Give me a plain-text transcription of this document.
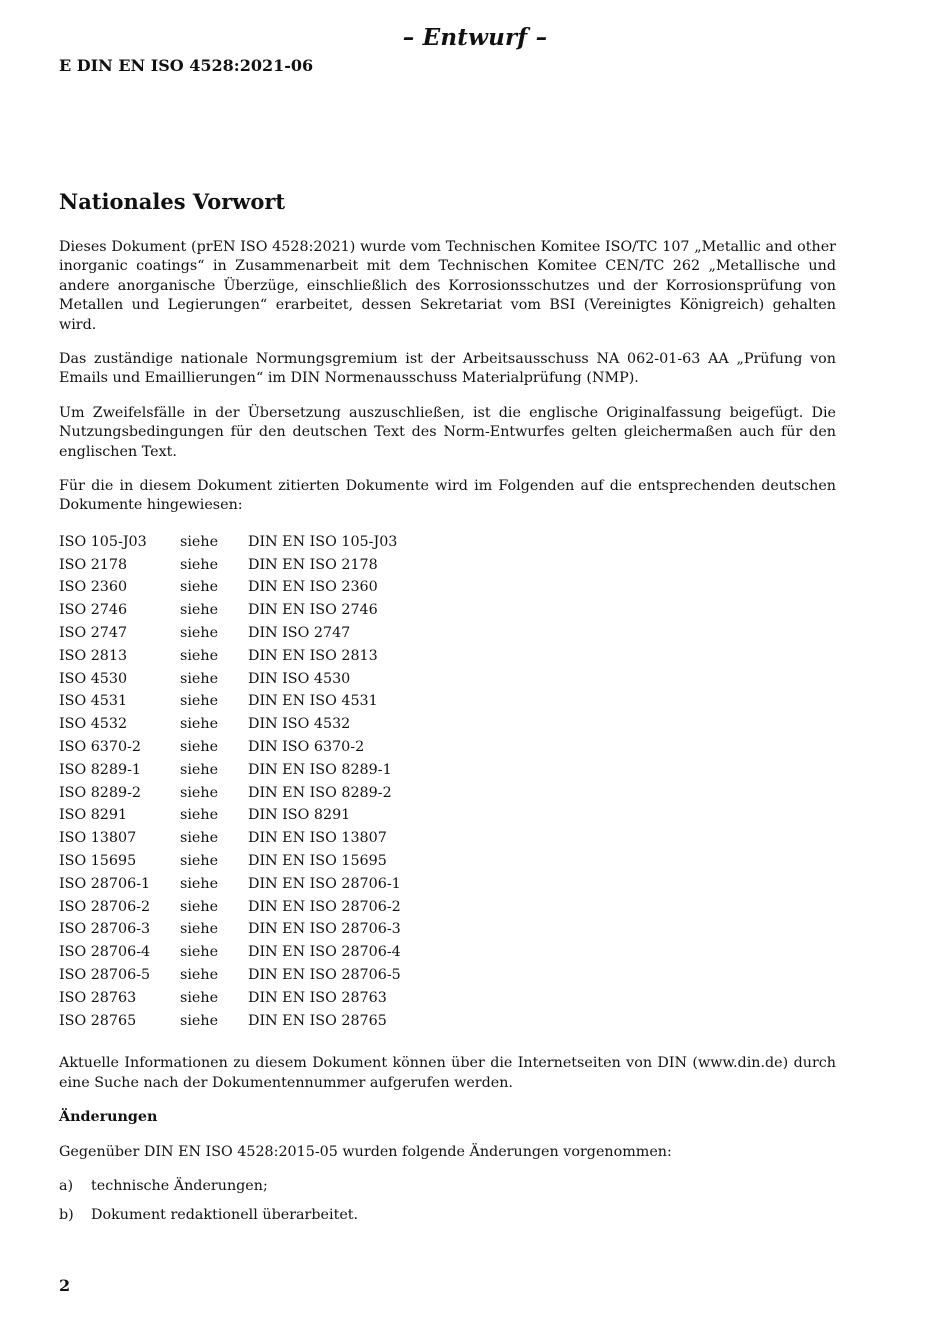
– Entwurf –
E DIN EN ISO 4528:2021-06
Nationales Vorwort

Dieses Dokument (prEN ISO 4528:2021) wurde vom Technischen Komitee ISO/TC 107 „Metallic and other inorganic coatings“ in Zusammenarbeit mit dem Technischen Komitee CEN/TC 262 „Metallische und andere anorganische Überzüge, einschließlich des Korrosionsschutzes und der Korrosionsprüfung von Metallen und Legierungen“ erarbeitet, dessen Sekretariat vom BSI (Vereinigtes Königreich) gehalten wird.

Das zuständige nationale Normungsgremium ist der Arbeitsausschuss NA 062-01-63 AA „Prüfung von Emails und Emaillierungen“ im DIN Normenausschuss Materialprüfung (NMP).

Um Zweifelsfälle in der Übersetzung auszuschließen, ist die englische Originalfassung beigefügt. Die Nutzungsbedingungen für den deutschen Text des Norm-Entwurfes gelten gleichermaßen auch für den englischen Text.

Für die in diesem Dokument zitierten Dokumente wird im Folgenden auf die entsprechenden deutschen Dokumente hingewiesen:

ISO 105-J03	siehe	DIN EN ISO 105-J03
ISO 2178	siehe	DIN EN ISO 2178
ISO 2360	siehe	DIN EN ISO 2360
ISO 2746	siehe	DIN EN ISO 2746
ISO 2747	siehe	DIN ISO 2747
ISO 2813	siehe	DIN EN ISO 2813
ISO 4530	siehe	DIN ISO 4530
ISO 4531	siehe	DIN EN ISO 4531
ISO 4532	siehe	DIN ISO 4532
ISO 6370-2	siehe	DIN ISO 6370-2
ISO 8289-1	siehe	DIN EN ISO 8289-1
ISO 8289-2	siehe	DIN EN ISO 8289-2
ISO 8291	siehe	DIN ISO 8291
ISO 13807	siehe	DIN EN ISO 13807
ISO 15695	siehe	DIN EN ISO 15695
ISO 28706-1	siehe	DIN EN ISO 28706-1
ISO 28706-2	siehe	DIN EN ISO 28706-2
ISO 28706-3	siehe	DIN EN ISO 28706-3
ISO 28706-4	siehe	DIN EN ISO 28706-4
ISO 28706-5	siehe	DIN EN ISO 28706-5
ISO 28763	siehe	DIN EN ISO 28763
ISO 28765	siehe	DIN EN ISO 28765

Aktuelle Informationen zu diesem Dokument können über die Internetseiten von DIN (www.din.de) durch eine Suche nach der Dokumentennummer aufgerufen werden.

Änderungen

Gegenüber DIN EN ISO 4528:2015-05 wurden folgende Änderungen vorgenommen:

a)	technische Änderungen;
b)	Dokument redaktionell überarbeitet.
2
